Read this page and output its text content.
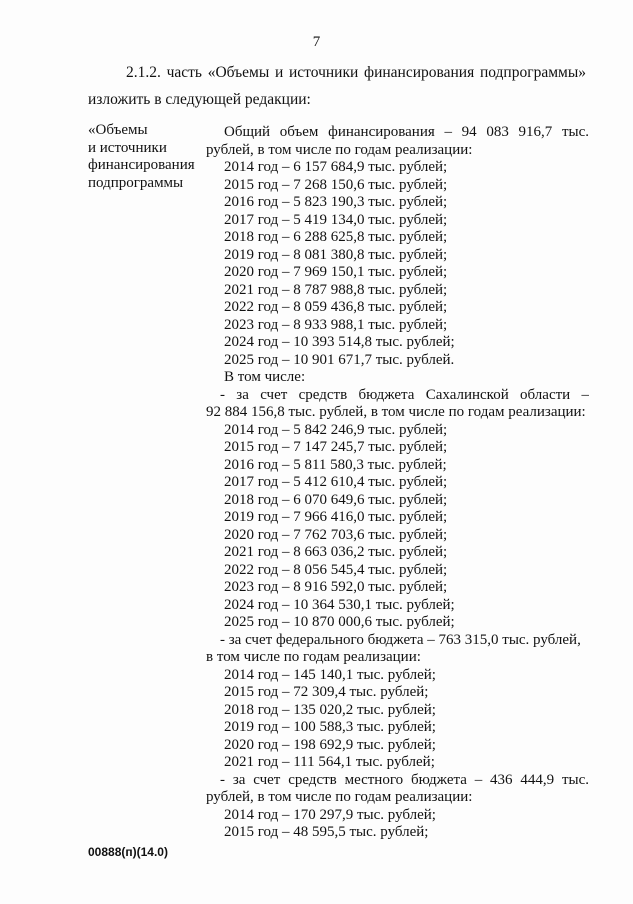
7
2.1.2. часть «Объемы и источники финансирования подпрограммы»
изложить в следующей редакции:
«Объемы
и источники
финансирования
подпрограммы
Общий объем финансирования – 94 083 916,7 тыс.
рублей, в том числе по годам реализации:
2014 год – 6 157 684,9 тыс. рублей;
2015 год – 7 268 150,6 тыс. рублей;
2016 год – 5 823 190,3 тыс. рублей;
2017 год – 5 419 134,0 тыс. рублей;
2018 год – 6 288 625,8 тыс. рублей;
2019 год – 8 081 380,8 тыс. рублей;
2020 год – 7 969 150,1 тыс. рублей;
2021 год – 8 787 988,8 тыс. рублей;
2022 год – 8 059 436,8 тыс. рублей;
2023 год – 8 933 988,1 тыс. рублей;
2024 год – 10 393 514,8 тыс. рублей;
2025 год – 10 901 671,7 тыс. рублей.
В том числе:
- за счет средств бюджета Сахалинской области –
92 884 156,8 тыс. рублей, в том числе по годам реализации:
2014 год – 5 842 246,9 тыс. рублей;
2015 год – 7 147 245,7 тыс. рублей;
2016 год – 5 811 580,3 тыс. рублей;
2017 год – 5 412 610,4 тыс. рублей;
2018 год – 6 070 649,6 тыс. рублей;
2019 год – 7 966 416,0 тыс. рублей;
2020 год – 7 762 703,6 тыс. рублей;
2021 год – 8 663 036,2 тыс. рублей;
2022 год – 8 056 545,4 тыс. рублей;
2023 год – 8 916 592,0 тыс. рублей;
2024 год – 10 364 530,1 тыс. рублей;
2025 год – 10 870 000,6 тыс. рублей;
- за счет федерального бюджета – 763 315,0 тыс. рублей,
в том числе по годам реализации:
2014 год – 145 140,1 тыс. рублей;
2015 год – 72 309,4 тыс. рублей;
2018 год – 135 020,2 тыс. рублей;
2019 год – 100 588,3 тыс. рублей;
2020 год – 198 692,9 тыс. рублей;
2021 год – 111 564,1 тыс. рублей;
- за счет средств местного бюджета – 436 444,9 тыс.
рублей, в том числе по годам реализации:
2014 год – 170 297,9 тыс. рублей;
2015 год – 48 595,5 тыс. рублей;
00888(п)(14.0)
